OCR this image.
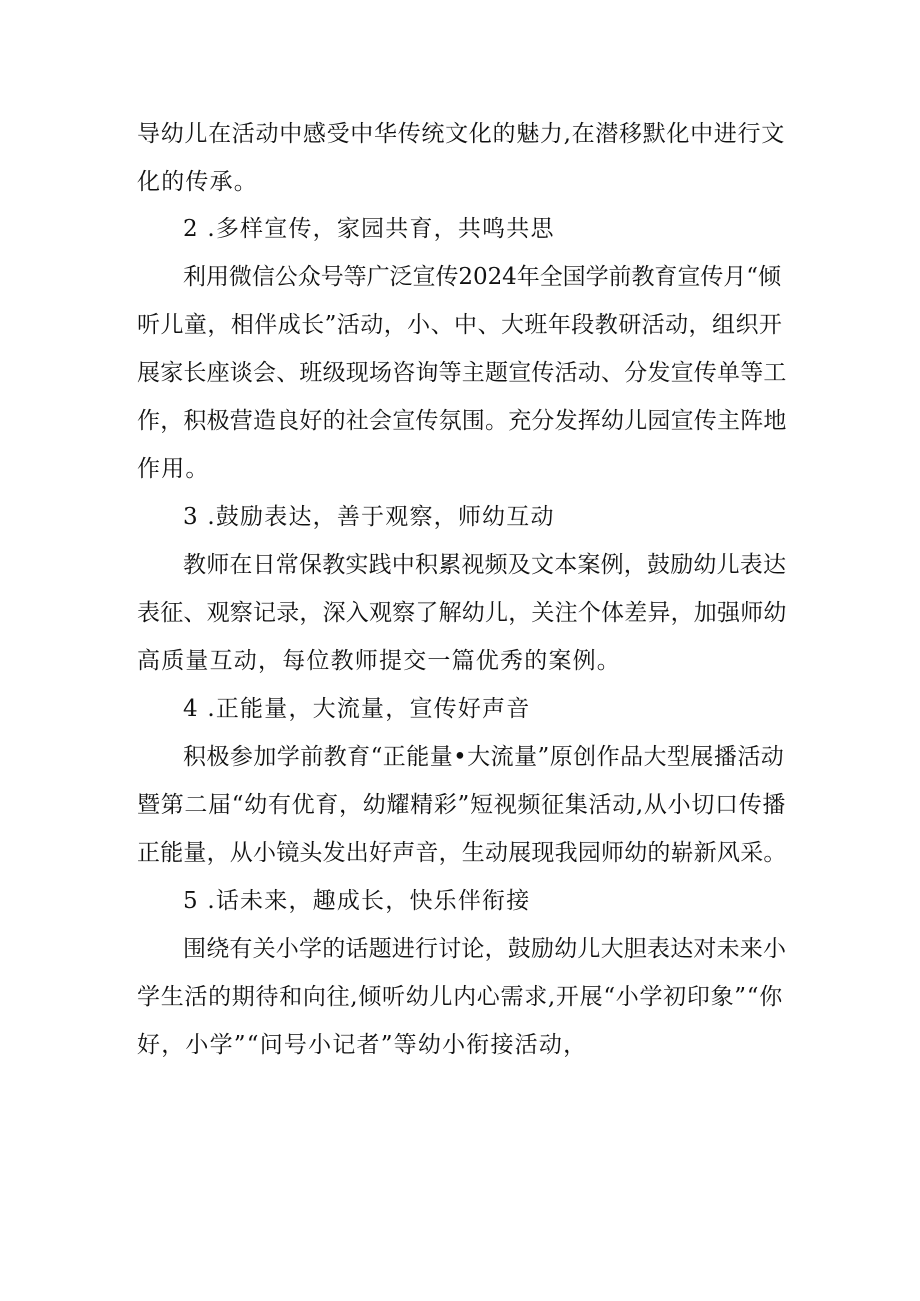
导幼儿在活动中感受中华传统文化的魅力,在潜移默化中进行文
化的传承。
2 .多样宣传，家园共育，共鸣共思
利用微信公众号等广泛宣传2024年全国学前教育宣传月“倾
听儿童，相伴成长”活动，小、中、大班年段教研活动，组织开
展家长座谈会、班级现场咨询等主题宣传活动、分发宣传单等工
作，积极营造良好的社会宣传氛围。充分发挥幼儿园宣传主阵地
作用。
3 .鼓励表达，善于观察，师幼互动
教师在日常保教实践中积累视频及文本案例，鼓励幼儿表达
表征、观察记录，深入观察了解幼儿，关注个体差异，加强师幼
高质量互动，每位教师提交一篇优秀的案例。
4 .正能量，大流量，宣传好声音
积极参加学前教育“正能量•大流量”原创作品大型展播活动
暨第二届“幼有优育，幼耀精彩”短视频征集活动,从小切口传播
正能量，从小镜头发出好声音，生动展现我园师幼的崭新风采。
5 .话未来，趣成长，快乐伴衔接
围绕有关小学的话题进行讨论，鼓励幼儿大胆表达对未来小
学生活的期待和向往,倾听幼儿内心需求,开展“小学初印象”“你
好，小学”“问号小记者”等幼小衔接活动，
